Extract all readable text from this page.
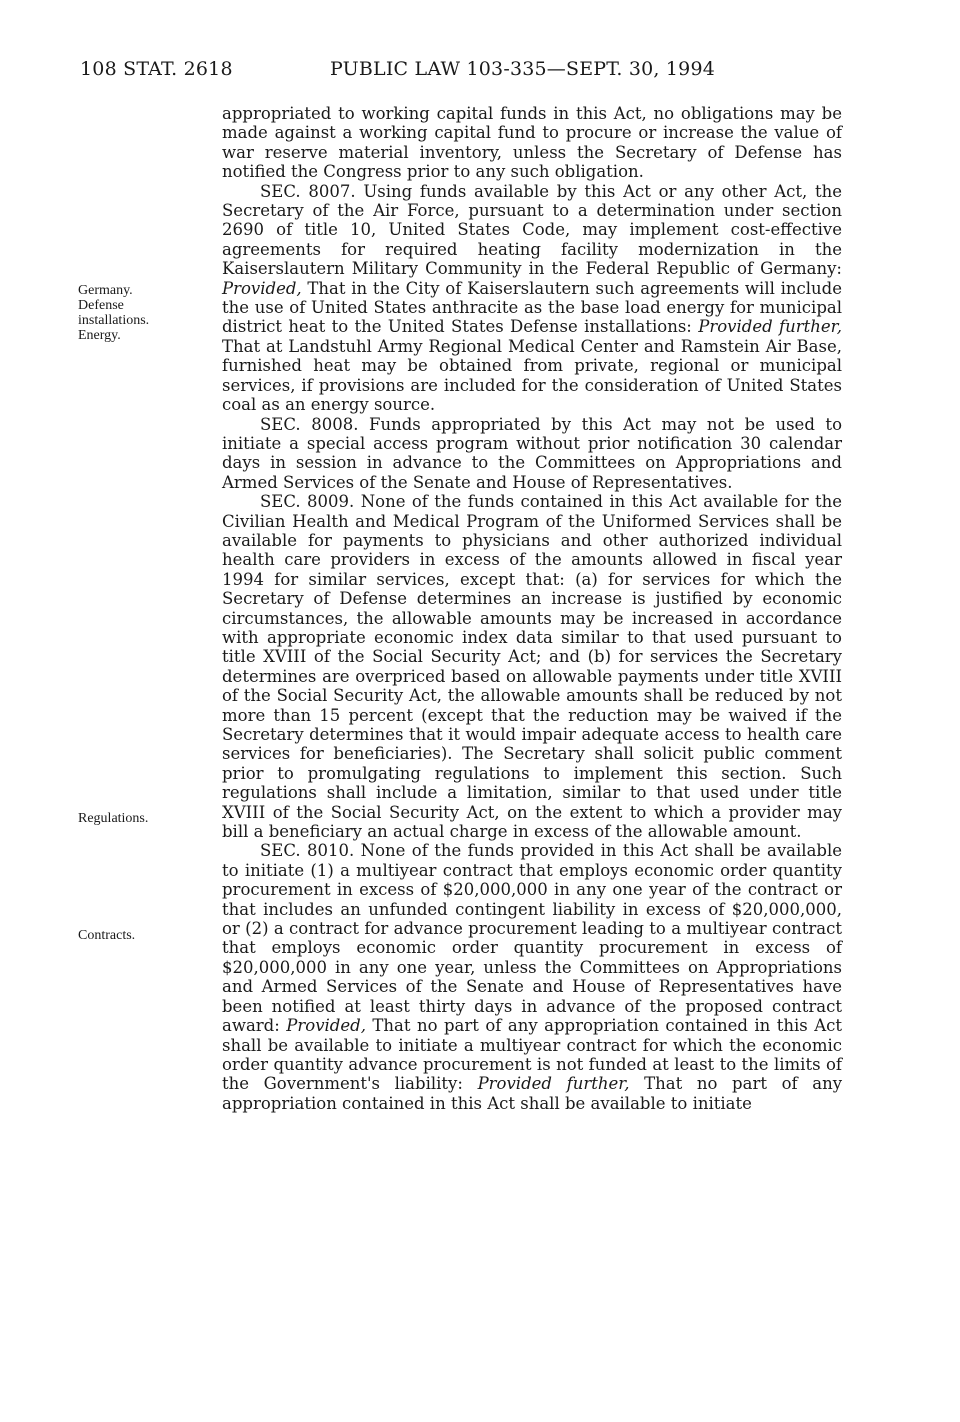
108 STAT. 2618	PUBLIC LAW 103-335—SEPT. 30, 1994
Germany.
Defense
installations.
Energy.
Regulations.
Contracts.

appropriated to working capital funds in this Act, no obligations may be made against a working capital fund to procure or increase the value of war reserve material inventory, unless the Secretary of Defense has notified the Congress prior to any such obligation.

SEC. 8007. Using funds available by this Act or any other Act, the Secretary of the Air Force, pursuant to a determination under section 2690 of title 10, United States Code, may implement cost-effective agreements for required heating facility modernization in the Kaiserslautern Military Community in the Federal Republic of Germany: Provided, That in the City of Kaiserslautern such agreements will include the use of United States anthracite as the base load energy for municipal district heat to the United States Defense installations: Provided further, That at Landstuhl Army Regional Medical Center and Ramstein Air Base, furnished heat may be obtained from private, regional or municipal services, if provisions are included for the consideration of United States coal as an energy source.

SEC. 8008. Funds appropriated by this Act may not be used to initiate a special access program without prior notification 30 calendar days in session in advance to the Committees on Appropriations and Armed Services of the Senate and House of Representatives.

SEC. 8009. None of the funds contained in this Act available for the Civilian Health and Medical Program of the Uniformed Services shall be available for payments to physicians and other authorized individual health care providers in excess of the amounts allowed in fiscal year 1994 for similar services, except that: (a) for services for which the Secretary of Defense determines an increase is justified by economic circumstances, the allowable amounts may be increased in accordance with appropriate economic index data similar to that used pursuant to title XVIII of the Social Security Act; and (b) for services the Secretary determines are overpriced based on allowable payments under title XVIII of the Social Security Act, the allowable amounts shall be reduced by not more than 15 percent (except that the reduction may be waived if the Secretary determines that it would impair adequate access to health care services for beneficiaries). The Secretary shall solicit public comment prior to promulgating regulations to implement this section. Such regulations shall include a limitation, similar to that used under title XVIII of the Social Security Act, on the extent to which a provider may bill a beneficiary an actual charge in excess of the allowable amount.

SEC. 8010. None of the funds provided in this Act shall be available to initiate (1) a multiyear contract that employs economic order quantity procurement in excess of $20,000,000 in any one year of the contract or that includes an unfunded contingent liability in excess of $20,000,000, or (2) a contract for advance procurement leading to a multiyear contract that employs economic order quantity procurement in excess of $20,000,000 in any one year, unless the Committees on Appropriations and Armed Services of the Senate and House of Representatives have been notified at least thirty days in advance of the proposed contract award: Provided, That no part of any appropriation contained in this Act shall be available to initiate a multiyear contract for which the economic order quantity advance procurement is not funded at least to the limits of the Government's liability: Provided further, That no part of any appropriation contained in this Act shall be available to initiate
